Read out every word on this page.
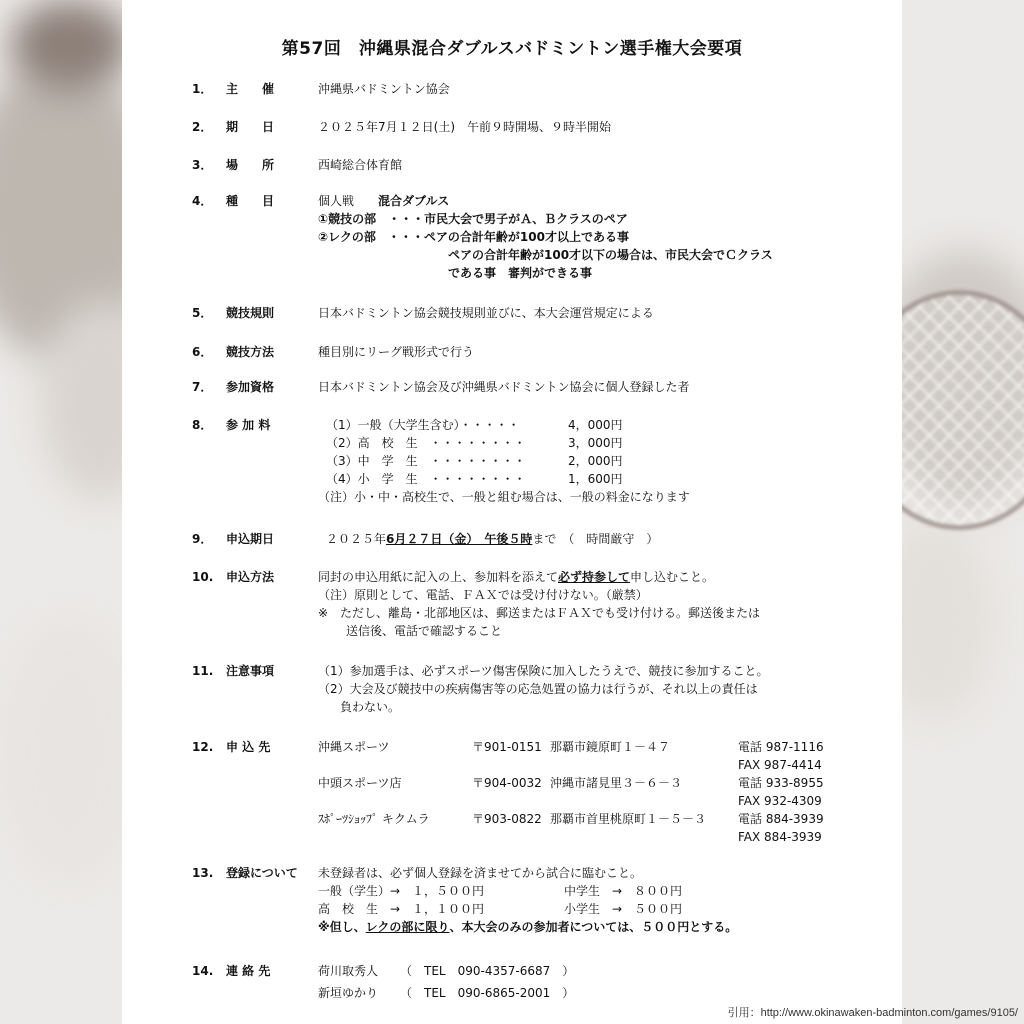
第57回　沖縄県混合ダブルスバドミントン選手権大会要項
1． 主　　催	沖縄県バドミントン協会
2． 期　　日	２０２５年7月１２日(土)　午前９時開場、９時半開始
3． 場　　所	西崎総合体育館
4． 種　　目	個人戦　　 混合ダブルス
①競技の部　・・・市民大会で男子がＡ、Ｂクラスのペア
②レクの部　・・・ペアの合計年齢が100才以上である事
ペアの合計年齢が100才以下の場合は、市民大会でＣクラス
である事　審判ができる事
5． 競技規則	日本バドミントン協会競技規則並びに、本大会運営規定による
6． 競技方法	種目別にリーグ戦形式で行う
7． 参加資格	日本バドミントン協会及び沖縄県バドミントン協会に個人登録した者
8． 参 加 料	（1）一般（大学生含む）・・・・・	4，000円
（2）高　校　生　・・・・・・・・	3，000円
（3）中　学　生　・・・・・・・・	2，000円
（4）小　学　生　・・・・・・・・	1，600円
（注）小・中・高校生で、一般と組む場合は、一般の料金になります
9． 申込期日	２０２５年6月２７日（金）　午後５時まで　（　時間厳守　）
10. 申込方法	同封の申込用紙に記入の上、参加料を添えて必ず持参して申し込むこと。
（注）原則として、電話、ＦＡＸでは受け付けない。（厳禁）
※　ただし、離島・北部地区は、郵送またはＦＡＸでも受け付ける。郵送後または
送信後、電話で確認すること
11. 注意事項	（1）参加選手は、必ずスポーツ傷害保険に加入したうえで、競技に参加すること。
（2）大会及び競技中の疾病傷害等の応急処置の協力は行うが、それ以上の責任は
負わない。
12. 申 込 先	沖縄スポーツ	〒901-0151 那覇市鏡原町１－４７	電話 987-1116
FAX 987-4414
中頭スポーツ店	〒904-0032 沖縄市諸見里３－６－３	電話 933-8955
FAX 932-4309
ｽﾎﾟｰﾂｼｮｯﾌﾟ キクムラ	〒903-0822 那覇市首里桃原町１－５－３	電話 884-3939
FAX 884-3939
13. 登録について 未登録者は、必ず個人登録を済ませてから試合に臨むこと。
一般（学生）→　１，５００円	中学生　→　８００円
高　校　生　→　１，１００円	小学生　→　５００円
※但し、レクの部に限り、本大会のみの参加者については、５００円とする。
14. 連 絡 先	荷川取秀人 （　TEL　090-4357-6687　）
新垣ゆかり （　TEL　090-6865-2001　）
引用：http://www.okinawaken-badminton.com/games/9105/
